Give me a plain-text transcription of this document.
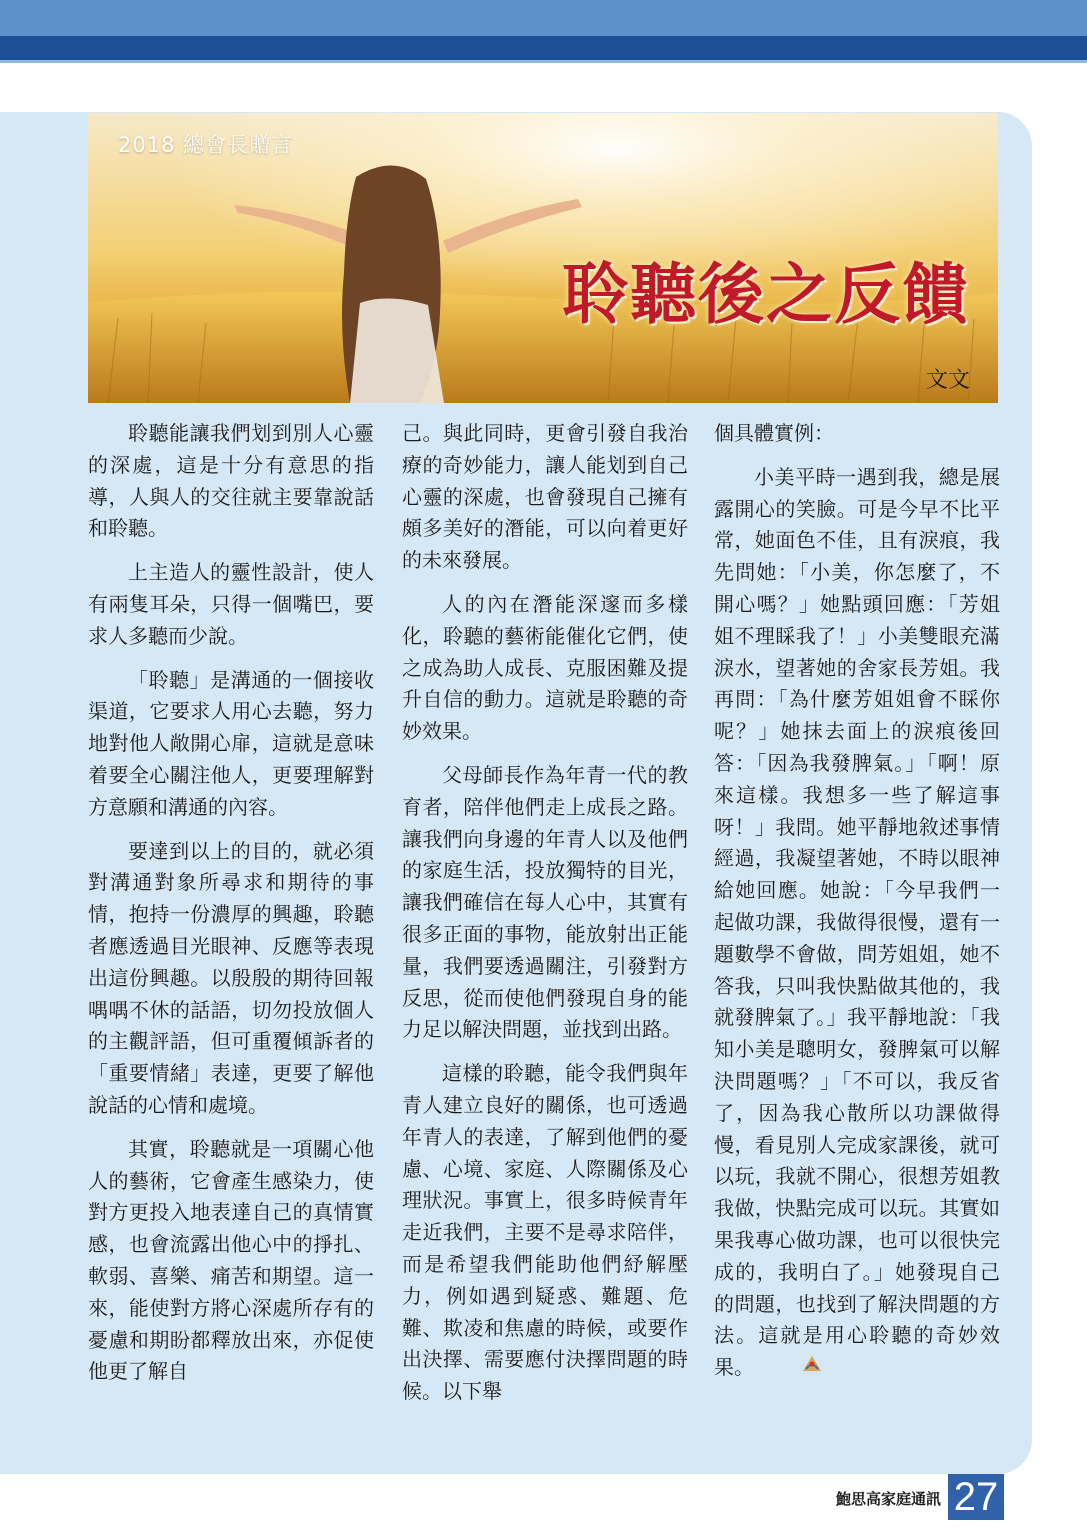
2018 總會長贈言
聆聽後之反饋
文文

聆聽能讓我們划到別人心靈的深處，這是十分有意思的指導，人與人的交往就主要靠說話和聆聽。

上主造人的靈性設計，使人有兩隻耳朵，只得一個嘴巴，要求人多聽而少說。

「聆聽」是溝通的一個接收渠道，它要求人用心去聽，努力地對他人敞開心扉，這就是意味着要全心關注他人，更要理解對方意願和溝通的內容。

要達到以上的目的，就必須對溝通對象所尋求和期待的事情，抱持一份濃厚的興趣，聆聽者應透過目光眼神、反應等表現出這份興趣。以殷殷的期待回報喁喁不休的話語，切勿投放個人的主觀評語，但可重覆傾訴者的「重要情緒」表達，更要了解他說話的心情和處境。

其實，聆聽就是一項關心他人的藝術，它會產生感染力，使對方更投入地表達自己的真情實感，也會流露出他心中的掙扎、軟弱、喜樂、痛苦和期望。這一來，能使對方將心深處所存有的憂慮和期盼都釋放出來，亦促使他更了解自

己。與此同時，更會引發自我治療的奇妙能力，讓人能划到自己心靈的深處，也會發現自己擁有頗多美好的潛能，可以向着更好的未來發展。

人的內在潛能深邃而多樣化，聆聽的藝術能催化它們，使之成為助人成長、克服困難及提升自信的動力。這就是聆聽的奇妙效果。

父母師長作為年青一代的教育者，陪伴他們走上成長之路。讓我們向身邊的年青人以及他們的家庭生活，投放獨特的目光，讓我們確信在每人心中，其實有很多正面的事物，能放射出正能量，我們要透過關注，引發對方反思，從而使他們發現自身的能力足以解決問題，並找到出路。

這樣的聆聽，能令我們與年青人建立良好的關係，也可透過年青人的表達，了解到他們的憂慮、心境、家庭、人際關係及心理狀況。事實上，很多時候青年走近我們，主要不是尋求陪伴，而是希望我們能助他們紓解壓力，例如遇到疑惑、難題、危難、欺凌和焦慮的時候，或要作出決擇、需要應付決擇問題的時候。以下舉

個具體實例：

小美平時一遇到我，總是展露開心的笑臉。可是今早不比平常，她面色不佳，且有淚痕，我先問她：「小美，你怎麼了，不開心嗎？」她點頭回應：「芳姐姐不理睬我了！」小美雙眼充滿淚水，望著她的舍家長芳姐。我再問：「為什麼芳姐姐會不睬你呢？」她抹去面上的淚痕後回答：「因為我發脾氣。」「啊！原來這樣。我想多一些了解這事呀！」我問。她平靜地敘述事情經過，我凝望著她，不時以眼神給她回應。她說：「今早我們一起做功課，我做得很慢，還有一題數學不會做，問芳姐姐，她不答我，只叫我快點做其他的，我就發脾氣了。」我平靜地說：「我知小美是聰明女，發脾氣可以解決問題嗎？」「不可以，我反省了，因為我心散所以功課做得慢，看見別人完成家課後，就可以玩，我就不開心，很想芳姐教我做，快點完成可以玩。其實如果我專心做功課，也可以很快完成的，我明白了。」她發現自己的問題，也找到了解決問題的方法。這就是用心聆聽的奇妙效果。

鮑思高家庭通訊 27
